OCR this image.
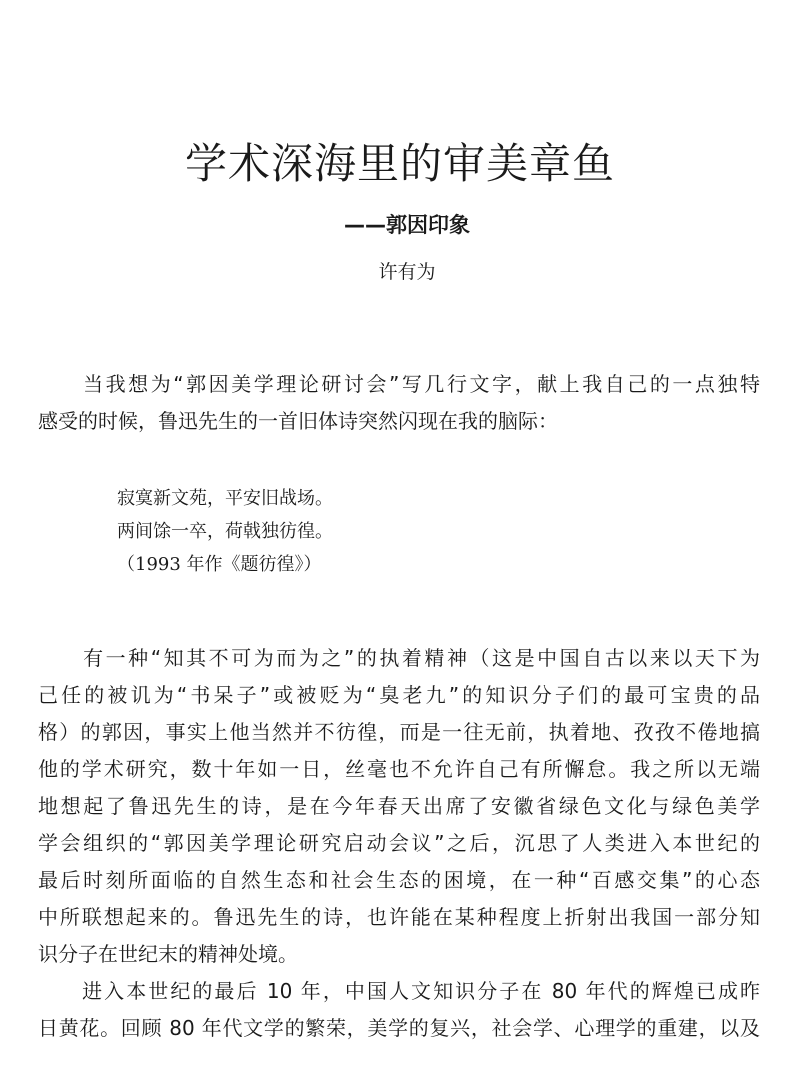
学术深海里的审美章鱼
——郭因印象
许有为
　　当我想为“郭因美学理论研讨会”写几行文字，献上我自己的一点独特
感受的时候，鲁迅先生的一首旧体诗突然闪现在我的脑际：
寂寞新文苑，平安旧战场。
两间馀一卒，荷戟独彷徨。
（1993 年作《题彷徨》）
　　有一种“知其不可为而为之”的执着精神（这是中国自古以来以天下为
己任的被讥为“书呆子”或被贬为“臭老九”的知识分子们的最可宝贵的品
格）的郭因，事实上他当然并不彷徨，而是一往无前，执着地、孜孜不倦地搞
他的学术研究，数十年如一日，丝毫也不允许自己有所懈怠。我之所以无端
地想起了鲁迅先生的诗，是在今年春天出席了安徽省绿色文化与绿色美学
学会组织的“郭因美学理论研究启动会议”之后，沉思了人类进入本世纪的
最后时刻所面临的自然生态和社会生态的困境，在一种“百感交集”的心态
中所联想起来的。鲁迅先生的诗，也许能在某种程度上折射出我国一部分知
识分子在世纪末的精神处境。
　　进入本世纪的最后 10 年，中国人文知识分子在 80 年代的辉煌已成昨
日黄花。回顾 80 年代文学的繁荣，美学的复兴，社会学、心理学的重建，以及
